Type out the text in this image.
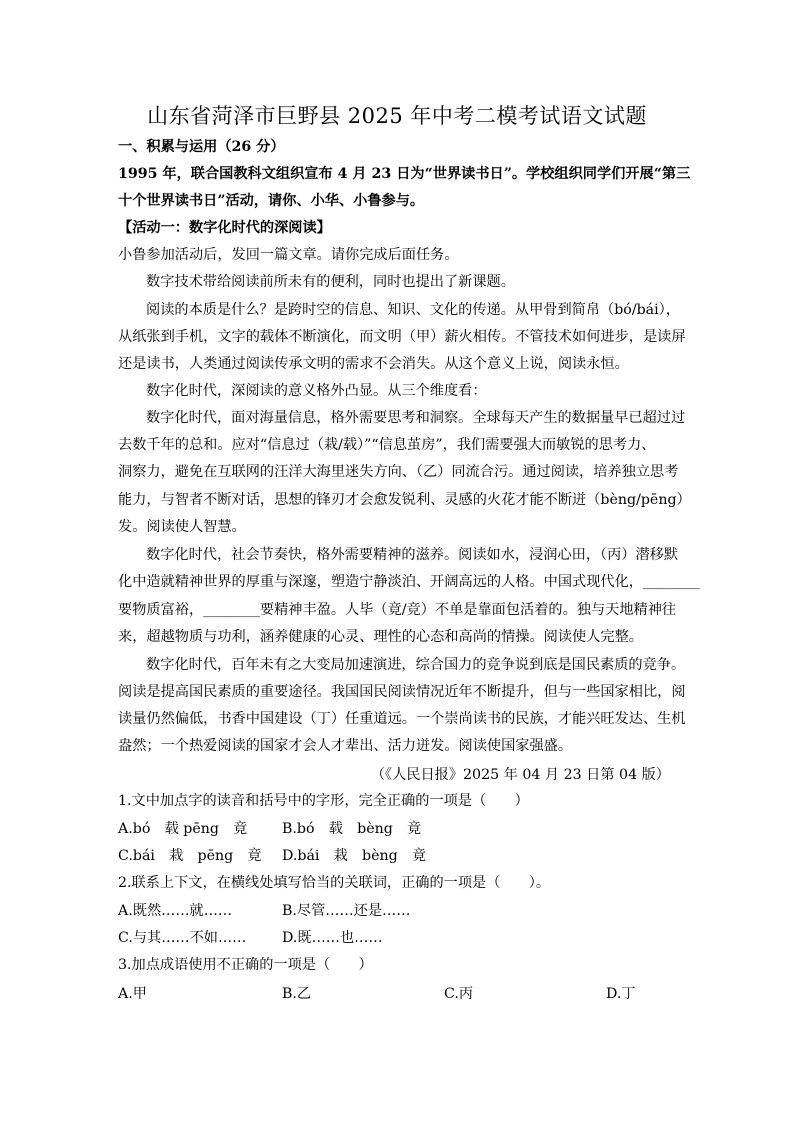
山东省菏泽市巨野县 2025 年中考二模考试语文试题
一、积累与运用（26 分）
1995 年，联合国教科文组织宣布 4 月 23 日为“世界读书日”。学校组织同学们开展“第三
十个世界读书日”活动，请你、小华、小鲁参与。
【活动一：数字化时代的深阅读】
小鲁参加活动后，发回一篇文章。请你完成后面任务。
数字技术带给阅读前所未有的便利，同时也提出了新课题。
阅读的本质是什么？是跨时空的信息、知识、文化的传递。从甲骨到简帛（bó/bái），
从纸张到手机，文字的载体不断演化，而文明（甲）薪火相传。不管技术如何进步，是读屏
还是读书，人类通过阅读传承文明的需求不会消失。从这个意义上说，阅读永恒。
数字化时代，深阅读的意义格外凸显。从三个维度看：
数字化时代，面对海量信息，格外需要思考和洞察。全球每天产生的数据量早已超过过
去数千年的总和。应对“信息过（栽/载）”“信息茧房”，我们需要强大而敏锐的思考力、
洞察力，避免在互联网的汪洋大海里迷失方向、（乙）同流合污。通过阅读，培养独立思考
能力，与智者不断对话，思想的锋刃才会愈发锐利、灵感的火花才能不断迸（bèng/pēng）
发。阅读使人智慧。
数字化时代，社会节奏快，格外需要精神的滋养。阅读如水，浸润心田，（丙）潜移默
化中造就精神世界的厚重与深邃，塑造宁静淡泊、开阔高远的人格。中国式现代化，________
要物质富裕，________要精神丰盈。人毕（竟/竞）不单是靠面包活着的。独与天地精神往
来，超越物质与功利，涵养健康的心灵、理性的心态和高尚的情操。阅读使人完整。
数字化时代，百年未有之大变局加速演进，综合国力的竞争说到底是国民素质的竞争。
阅读是提高国民素质的重要途径。我国国民阅读情况近年不断提升，但与一些国家相比，阅
读量仍然偏低，书香中国建设（丁）任重道远。一个崇尚读书的民族，才能兴旺发达、生机
盎然；一个热爱阅读的国家才会人才辈出、活力迸发。阅读使国家强盛。
（《人民日报》2025 年 04 月 23 日第 04 版）
1.文中加点字的读音和括号中的字形，完全正确的一项是（　　）
A.bó　载 pēng　竟 B.bó　载　bèng　竟
C.bái　栽　pēng　竟 D.bái　栽　bèng　竟
2.联系上下文，在横线处填写恰当的关联词，正确的一项是（　　）。
A.既然……就……	B.尽管……还是……
C.与其……不如……	D.既……也……
3.加点成语使用不正确的一项是（　　）
A.甲	B.乙	C.丙	D.丁
